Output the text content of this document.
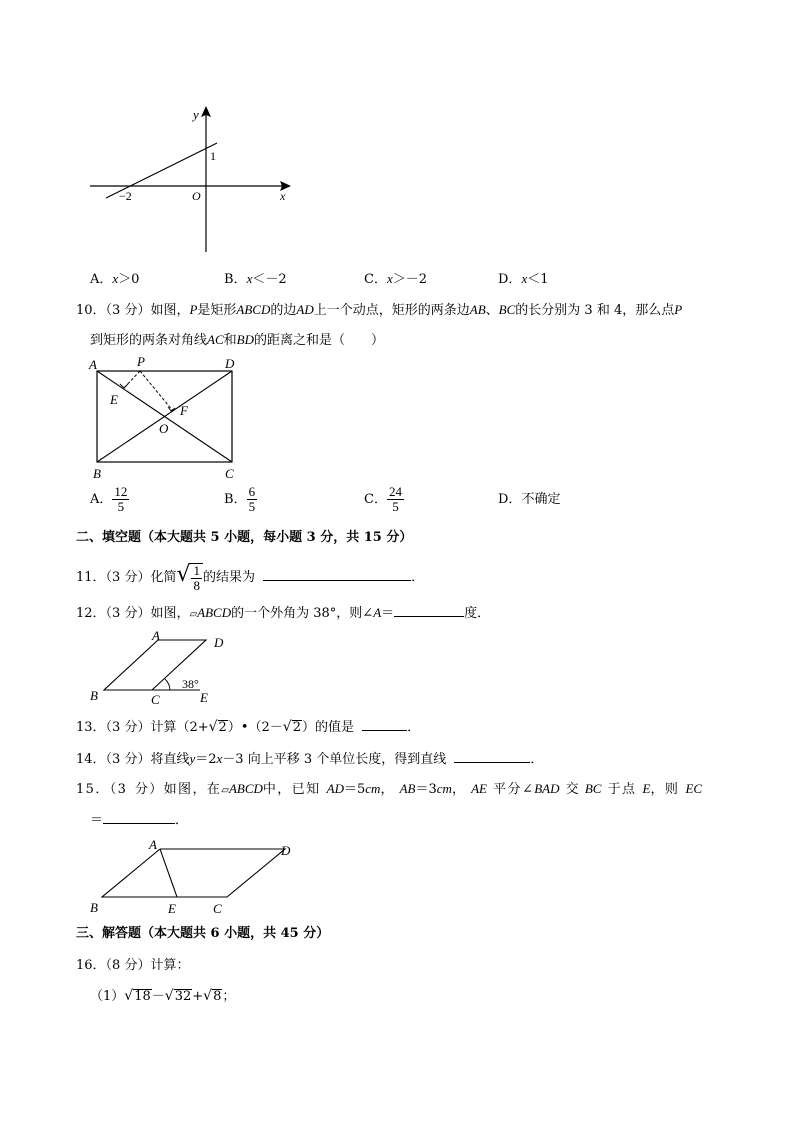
y
1
−2	O	x
A．x＞0	B．x＜－2	C．x＞－2	D．x＜1
10．（3 分）如图，P是矩形ABCD的边AD上一个动点，矩形的两条边AB、BC的长分别为 3 和 4，那么点P
到矩形的两条对角线AC和BD的距离之和是（　　）
A	P	D
E
F
O
B	C
A． $\frac{12}{5}$	B． $\frac{6}{5}$	C． $\frac{24}{5}$	D．不确定
二、填空题（本大题共 5 小题，每小题 3 分，共 15 分）
11．（3 分）化简√ $\frac{1}{8}$ 的结果为	．
12．（3 分）如图，▱ABCD的一个外角为 38°，则∠A＝	度．
A	D
B	C	E
38°
13．（3 分）计算（2+√2）•（2－√2）的值是	．
14．（3 分）将直线y＝2x－3 向上平移 3 个单位长度，得到直线	．
15．（3 分）如图，在▱ABCD中，已知 AD＝5cm， AB＝3cm， AE 平分∠BAD 交 BC 于点 E，则 EC
＝	．
A	D
B	E	C
三、解答题（本大题共 6 小题，共 45 分）
16．（8 分）计算：
（1）√18－√32+√8；
